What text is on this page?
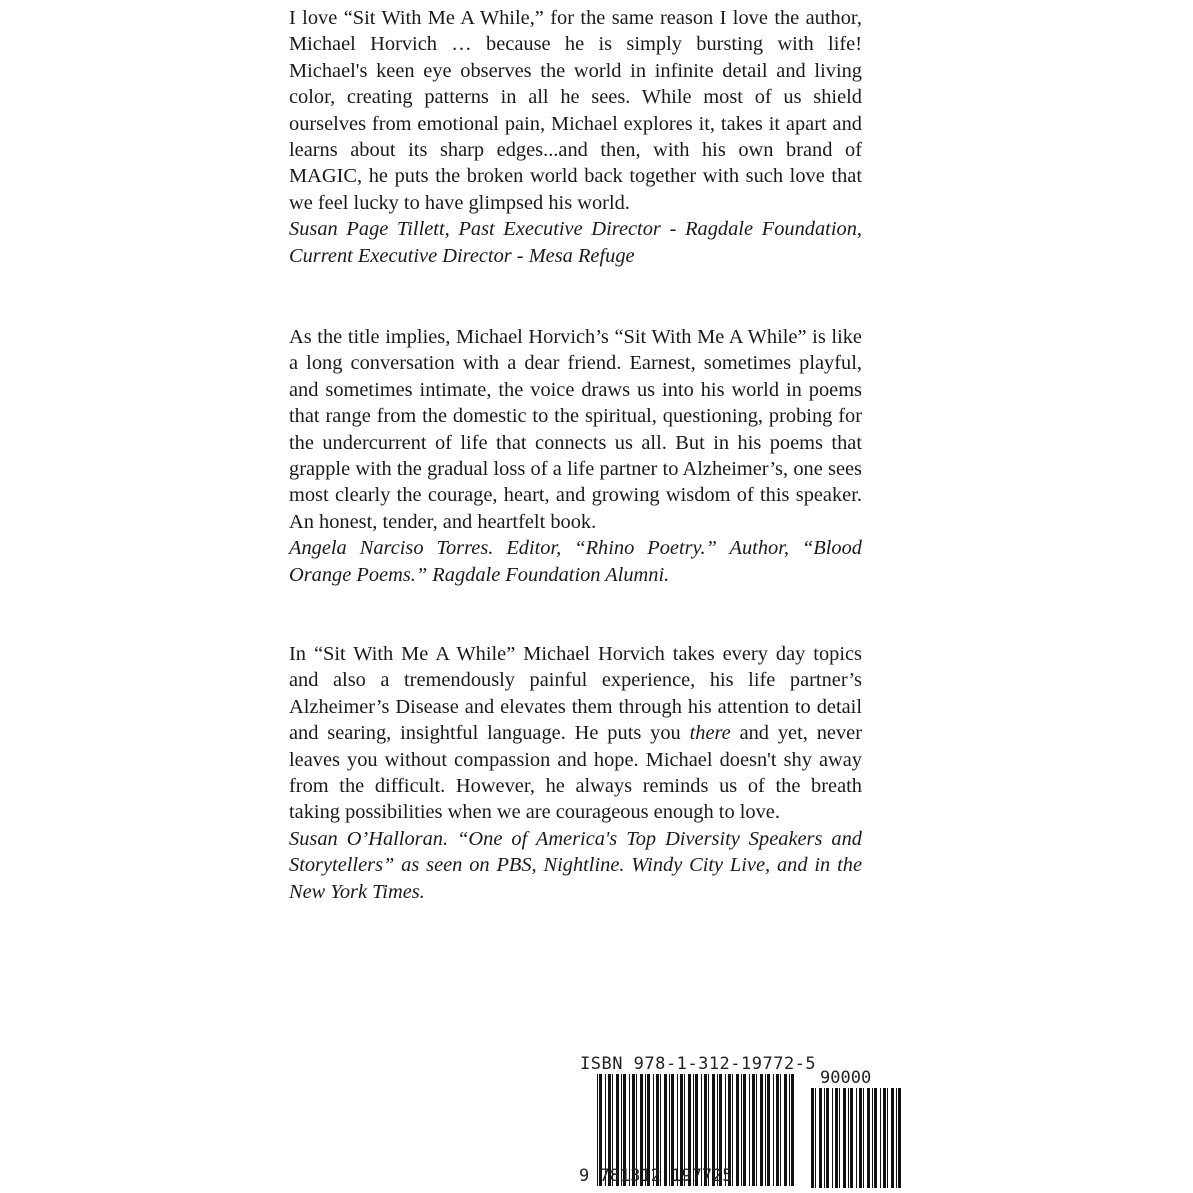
I love “Sit With Me A While,” for the same reason I love the author, Michael Horvich … because he is simply bursting with life! Michael's keen eye observes the world in infinite detail and living color, creating patterns in all he sees. While most of us shield ourselves from emotional pain, Michael explores it, takes it apart and learns about its sharp edges...and then, with his own brand of MAGIC, he puts the broken world back together with such love that we feel lucky to have glimpsed his world.

Susan Page Tillett, Past Executive Director - Ragdale Foundation, Current Executive Director - Mesa Refuge

As the title implies, Michael Horvich’s “Sit With Me A While” is like a long conversation with a dear friend. Earnest, sometimes playful, and sometimes intimate, the voice draws us into his world in poems that range from the domestic to the spiritual, questioning, probing for the undercurrent of life that connects us all. But in his poems that grapple with the gradual loss of a life partner to Alzheimer’s, one sees most clearly the courage, heart, and growing wisdom of this speaker. An honest, tender, and heartfelt book.

Angela Narciso Torres. Editor, “Rhino Poetry.” Author, “Blood Orange Poems.” Ragdale Foundation Alumni.

In “Sit With Me A While” Michael Horvich takes every day topics and also a tremendously painful experience, his life partner’s Alzheimer’s Disease and elevates them through his attention to detail and searing, insightful language. He puts you there and yet, never leaves you without compassion and hope. Michael doesn't shy away from the difficult. However, he always reminds us of the breath taking possibilities when we are courageous enough to love.

Susan O’Halloran. “One of America's Top Diversity Speakers and Storytellers” as seen on PBS, Nightline. Windy City Live, and in the New York Times.

ISBN 978-1-312-19772-5
90000
9 781312 197725
